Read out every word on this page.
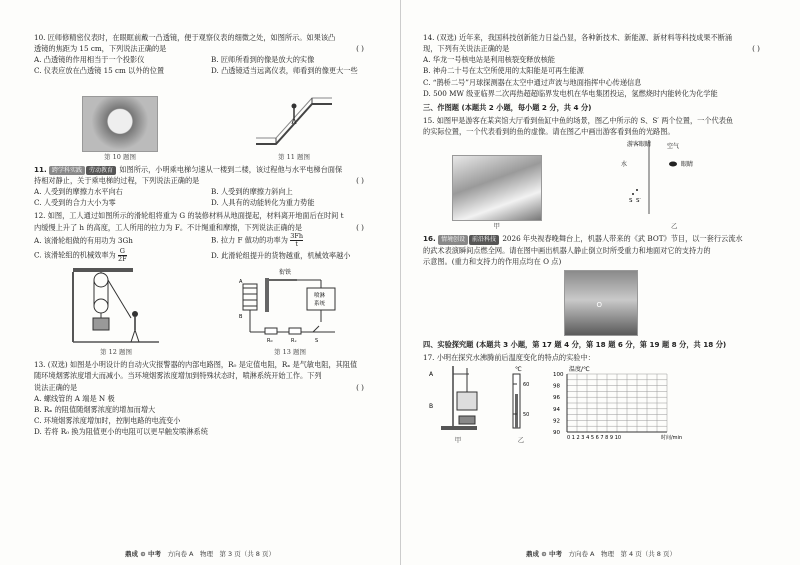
10. 匠师修精密仪表时，在眼眶前戴一凸透镜，便于观察仪表的细微之处，如图所示。如果该凸

透镜的焦距为 15 cm，下列说法正确的是	( )

A. 凸透镜的作用相当于一个投影仪	B. 匠师所看到的像是放大的实像

C. 仪表应放在凸透镜 15 cm 以外的位置	D. 凸透镜适当远离仪表，师看到的像更大一些

第 10 题图	第 11 题图

11. 跨学科实践 劳动教育 如图所示，小明乘电梯匀速从一楼到二楼，该过程他与水平电梯台面保

持相对静止，关于乘电梯的过程，下列说法正确的是	( )

A. 人受到的摩擦力水平向右	B. 人受到的摩擦力斜向上

C. 人受到的合力大小为零	D. 人具有的动能转化为重力势能

12. 如图，工人通过如图所示的滑轮组将重为 G 的装修材料从地面提起，材料离开地面后在时间 t

内缓慢上升了 h 的高度，工人所用的拉力为 F。不计绳重和摩擦，下列说法正确的是	( )

A. 该滑轮组做的有用功为 3Gh	B. 拉力 F 做功的功率为 $\frac{3Fh}{t}$

C. 该滑轮组的机械效率为 $\frac{G}{2F}$	D. 此滑轮组提升的货物越重，机械效率越小

第 12 题图
衔铁
A
B
喷淋
系统
R₀	Rₓ	S
第 13 题图

13. (双选) 如图是小明设计的自动火灾报警器的内部电路图，R₀ 是定值电阻，Rₓ 是气敏电阻，其阻值

随环境烟雾浓度增大而减小。当环境烟雾浓度增加到特殊状态时，喷淋系统开始工作。下列

说法正确的是	( )

A. 螺线管的 A 端是 N 极

B. Rₓ 的阻值随烟雾浓度的增加而增大

C. 环境烟雾浓度增加时，控制电路的电流变小

D. 若将 R₀ 换为阻值更小的电阻可以更早触发喷淋系统

鼎成 ⊙ 中考　 方向卷 A　物理　第 3 页（共 8 页）

14. (双选) 近年来，我国科技创新能力日益凸显，各种新技术、新能源、新材料等科技成果不断涌

现，下列有关说法正确的是	( )

A. 华龙一号核电站是利用核裂变释放核能

B. 神舟二十号在太空所使用的太阳能是可再生能源

C. “鹊桥二号”月球探测器在太空中通过声波与地面指挥中心传递信息

D. 500 MW 级亚临界二次再热超超临界发电机在华电集团投运，氢燃烧时内能转化为化学能

三、作图题 (本题共 2 小题，每小题 2 分，共 4 分)

15. 如图甲是游客在某宾馆大厅看到鱼缸中鱼的场景，图乙中所示的 S、S′ 两个位置，一个代表鱼

的实际位置，一个代表看到的鱼的虚像。请在图乙中画出游客看到鱼的光路图。

甲
游客眼睛	空气
水	眼睛
S S′
乙

16. 情境创设 前沿科技 2026 年央视春晚舞台上，机器人带来的《武 BOT》节目，以一套行云流水

的武术表演瞬间点燃全网。请在图中画出机器人静止倒立时所受重力和地面对它的支持力的

示意图。(重力和支持力的作用点均在 O 点)

O

四、实验探究题 (本题共 3 小题，第 17 题 4 分，第 18 题 6 分，第 19 题 8 分，共 18 分)

17. 小明在探究水沸腾前后温度变化的特点的实验中：

A
B
甲
℃
60
50
乙
温度/℃
100
98
96
94
92
90
0 1 2 3 4 5 6 7 8 9 10	时间/min
鼎成 ⊙ 中考　 方向卷 A　物理　第 4 页（共 8 页）
